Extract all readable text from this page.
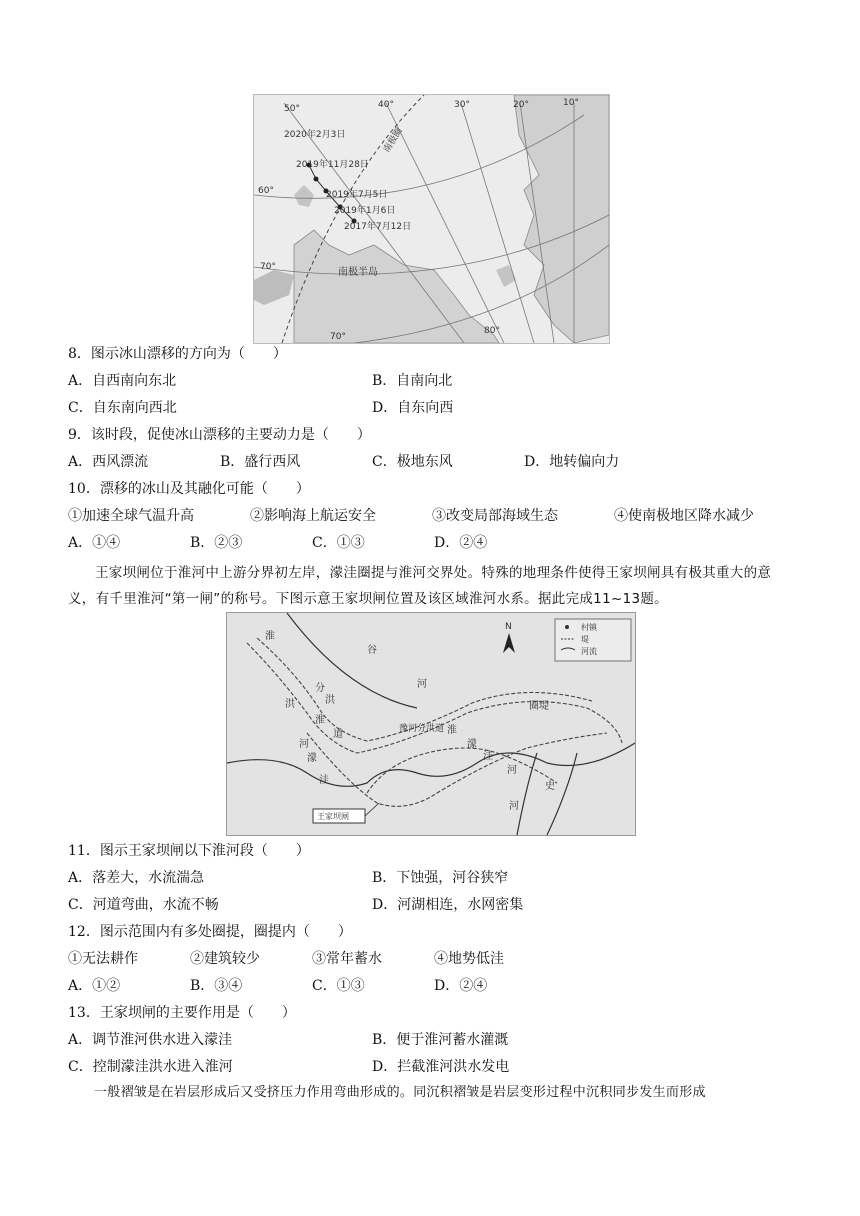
50°	40°	30°	20°	10°
60°
70°
70°
80°
南极圈
2020年2月3日
2019年11月28日
2019年7月5日
2019年1月6日
2017年7月12日
南极半岛
8．图示冰山漂移的方向为（　　）
A．自西南向东北	B．自南向北
C．自东南向西北	D．自东向西
9．该时段，促使冰山漂移的主要动力是（　　）
A．西风漂流	B．盛行西风	C．极地东风	D．地转偏向力
10．漂移的冰山及其融化可能（　　）
①加速全球气温升高	②影响海上航运安全	③改变局部海域生态	④使南极地区降水减少
A．①④	B．②③	C．①③	D．②④
王家坝闸位于淮河中上游分界初左岸，濛洼圈提与淮河交界处。特殊的地理条件使得王家坝闸具有极其重大的意义，有千里淮河“第一闸”的称号。下图示意王家坝闸位置及该区域淮河水系。据此完成11~13题。
村镇
堤
河流
N
淮
谷
河
洪
分
淮
洪
道
河
豫河分洪道
圈堤
濛
洼
濛
洼
河
史
河
淮
王家坝闸
11．图示王家坝闸以下淮河段（　　）
A．落差大，水流湍急	B．下蚀强，河谷狭窄
C．河道弯曲，水流不畅	D．河湖相连，水网密集
12．图示范围内有多处圈提，圈提内（　　）
①无法耕作	②建筑较少	③常年蓄水	④地势低洼
A．①②	B．③④	C．①③	D．②④
13．王家坝闸的主要作用是（　　）
A．调节淮河供水进入濛洼	B．便于淮河蓄水灌溉
C．控制濛洼洪水进入淮河	D．拦截淮河洪水发电
一般褶皱是在岩层形成后又受挤压力作用弯曲形成的。同沉积褶皱是岩层变形过程中沉积同步发生而形成
